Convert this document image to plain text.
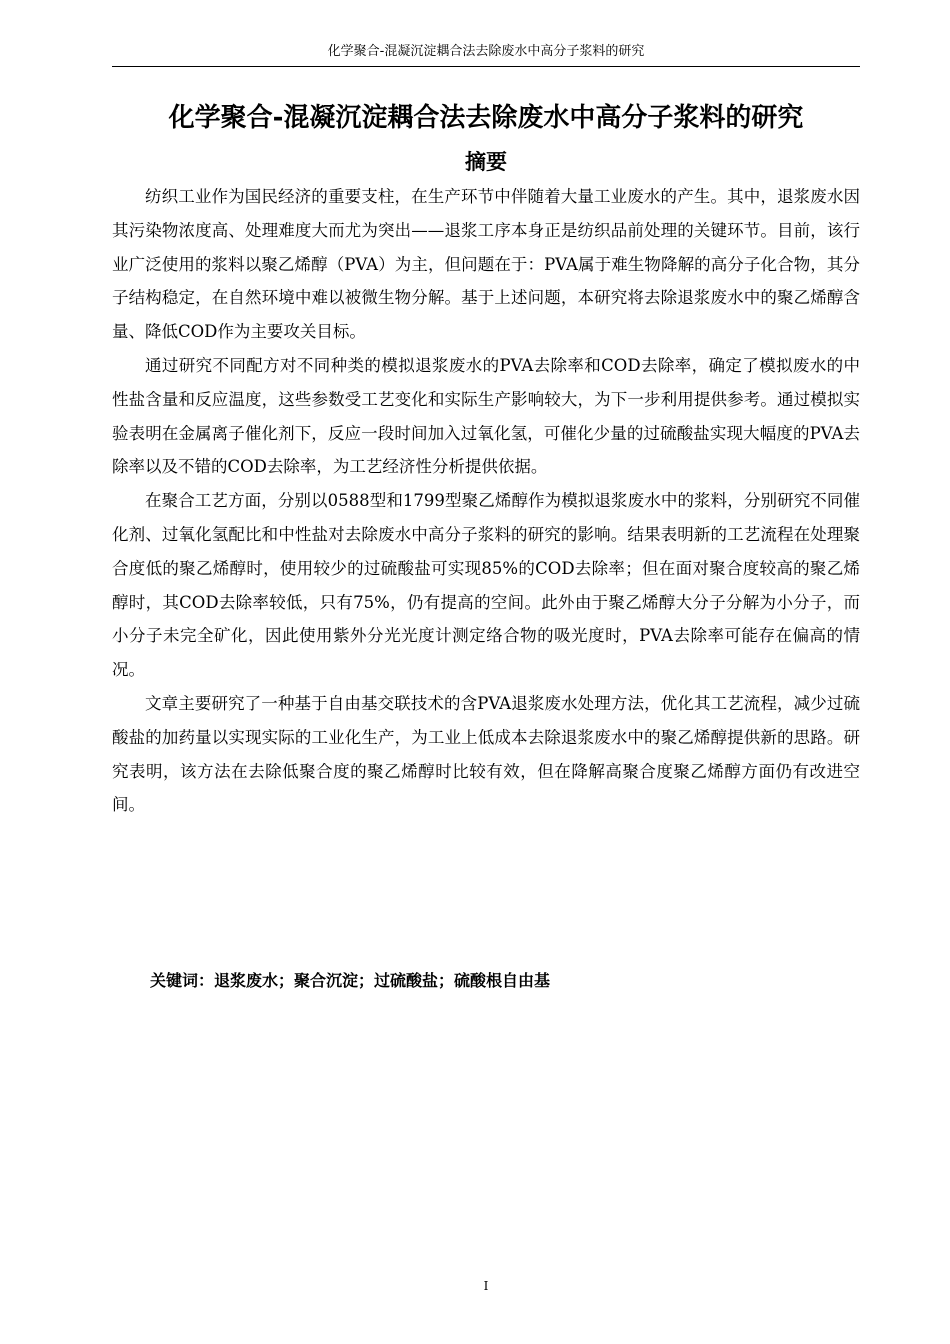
化学聚合-混凝沉淀耦合法去除废水中高分子浆料的研究
化学聚合-混凝沉淀耦合法去除废水中高分子浆料的研究
摘要

纺织工业作为国民经济的重要支柱，在生产环节中伴随着大量工业废水的产生。其中，退浆废水因其污染物浓度高、处理难度大而尤为突出——退浆工序本身正是纺织品前处理的关键环节。目前，该行业广泛使用的浆料以聚乙烯醇（PVA）为主，但问题在于：PVA属于难生物降解的高分子化合物，其分子结构稳定，在自然环境中难以被微生物分解。基于上述问题，本研究将去除退浆废水中的聚乙烯醇含量、降低COD作为主要攻关目标。

通过研究不同配方对不同种类的模拟退浆废水的PVA去除率和COD去除率，确定了模拟废水的中性盐含量和反应温度，这些参数受工艺变化和实际生产影响较大，为下一步利用提供参考。通过模拟实验表明在金属离子催化剂下，反应一段时间加入过氧化氢，可催化少量的过硫酸盐实现大幅度的PVA去除率以及不错的COD去除率，为工艺经济性分析提供依据。

在聚合工艺方面，分别以0588型和1799型聚乙烯醇作为模拟退浆废水中的浆料，分别研究不同催化剂、过氧化氢配比和中性盐对去除废水中高分子浆料的研究的影响。结果表明新的工艺流程在处理聚合度低的聚乙烯醇时，使用较少的过硫酸盐可实现85%的COD去除率；但在面对聚合度较高的聚乙烯醇时，其COD去除率较低，只有75%，仍有提高的空间。此外由于聚乙烯醇大分子分解为小分子，而小分子未完全矿化，因此使用紫外分光光度计测定络合物的吸光度时，PVA去除率可能存在偏高的情况。

文章主要研究了一种基于自由基交联技术的含PVA退浆废水处理方法，优化其工艺流程，减少过硫酸盐的加药量以实现实际的工业化生产，为工业上低成本去除退浆废水中的聚乙烯醇提供新的思路。研究表明，该方法在去除低聚合度的聚乙烯醇时比较有效，但在降解高聚合度聚乙烯醇方面仍有改进空间。

关键词：退浆废水；聚合沉淀；过硫酸盐；硫酸根自由基
I
